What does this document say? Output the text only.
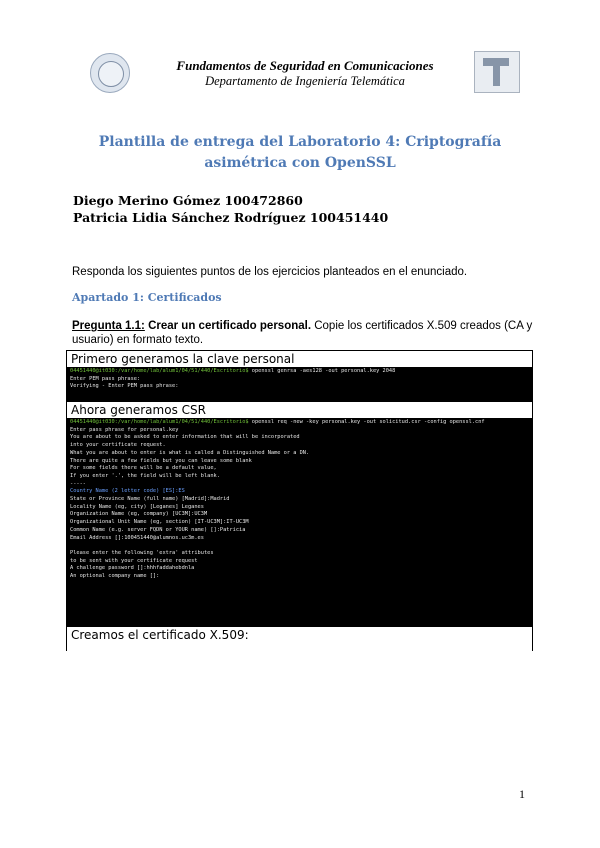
Fundamentos de Seguridad en Comunicaciones
Departamento de Ingeniería Telemática
Plantilla de entrega del Laboratorio 4: Criptografía
asimétrica con OpenSSL
Diego Merino Gómez 100472860
Patricia Lidia Sánchez Rodríguez 100451440
Responda los siguientes puntos de los ejercicios planteados en el enunciado.
Apartado 1: Certificados
Pregunta 1.1: Crear un certificado personal. Copie los certificados X.509 creados (CA y usuario) en formato texto.
Primero generamos la clave personal
04451440@it030:/var/home/lab/alum1/04/51/440/Escritorio$ openssl genrsa -aes128 -out personal.key 2048
Enter PEM pass phrase:
Verifying - Enter PEM pass phrase:
Ahora generamos CSR
04451440@it030:/var/home/lab/alum1/04/51/440/Escritorio$ openssl req -new -key personal.key -out solicitud.csr -config openssl.cnf
Enter pass phrase for personal.key
You are about to be asked to enter information that will be incorporated
into your certificate request.
What you are about to enter is what is called a Distinguished Name or a DN.
There are quite a few fields but you can leave some blank
For some fields there will be a default value,
If you enter '.', the field will be left blank.
-----
Country Name (2 letter code) [ES]:ES
State or Province Name (full name) [Madrid]:Madrid
Locality Name (eg, city) [Leganes] Leganes
Organization Name (eg, company) [UC3M]:UC3M
Organizational Unit Name (eg, section) [IT-UC3M]:IT-UC3M
Common Name (e.g. server FQDN or YOUR name) []:Patricia
Email Address []:100451440@alumnos.uc3m.es

Please enter the following 'extra' attributes
to be sent with your certificate request
A challenge password []:hhhfaddahebdnla
An optional company name []:
Creamos el certificado X.509:
1
